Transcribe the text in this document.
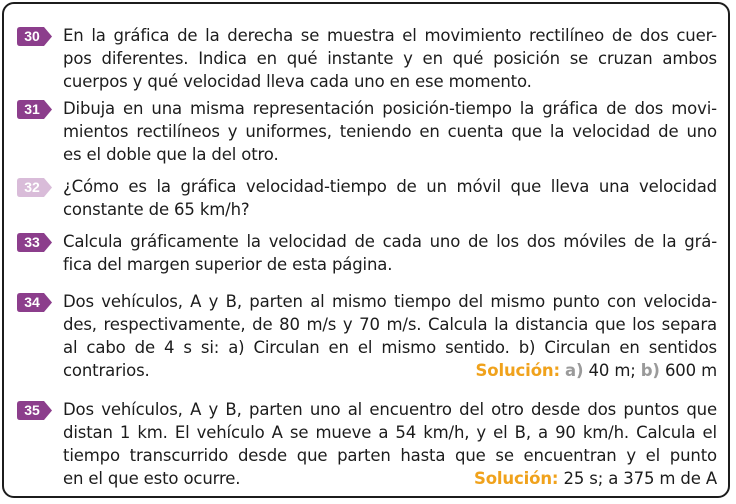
30	En la gráfica de la derecha se muestra el movimiento rectilíneo de dos cuer-
pos diferentes. Indica en qué instante y en qué posición se cruzan ambos
cuerpos y qué velocidad lleva cada uno en ese momento.
31	Dibuja en una misma representación posición-tiempo la gráfica de dos movi-
mientos rectilíneos y uniformes, teniendo en cuenta que la velocidad de uno
es el doble que la del otro.
32	¿Cómo es la gráfica velocidad-tiempo de un móvil que lleva una velocidad
constante de 65 km/h?
33	Calcula gráficamente la velocidad de cada uno de los dos móviles de la grá-
fica del margen superior de esta página.
34	Dos vehículos, A y B, parten al mismo tiempo del mismo punto con velocida-
des, respectivamente, de 80 m/s y 70 m/s. Calcula la distancia que los separa
al cabo de 4 s si: a) Circulan en el mismo sentido. b) Circulan en sentidos
contrarios.	Solución: a) 40 m; b) 600 m
35	Dos vehículos, A y B, parten uno al encuentro del otro desde dos puntos que
distan 1 km. El vehículo A se mueve a 54 km/h, y el B, a 90 km/h. Calcula el
tiempo transcurrido desde que parten hasta que se encuentran y el punto
en el que esto ocurre.	Solución: 25 s; a 375 m de A
